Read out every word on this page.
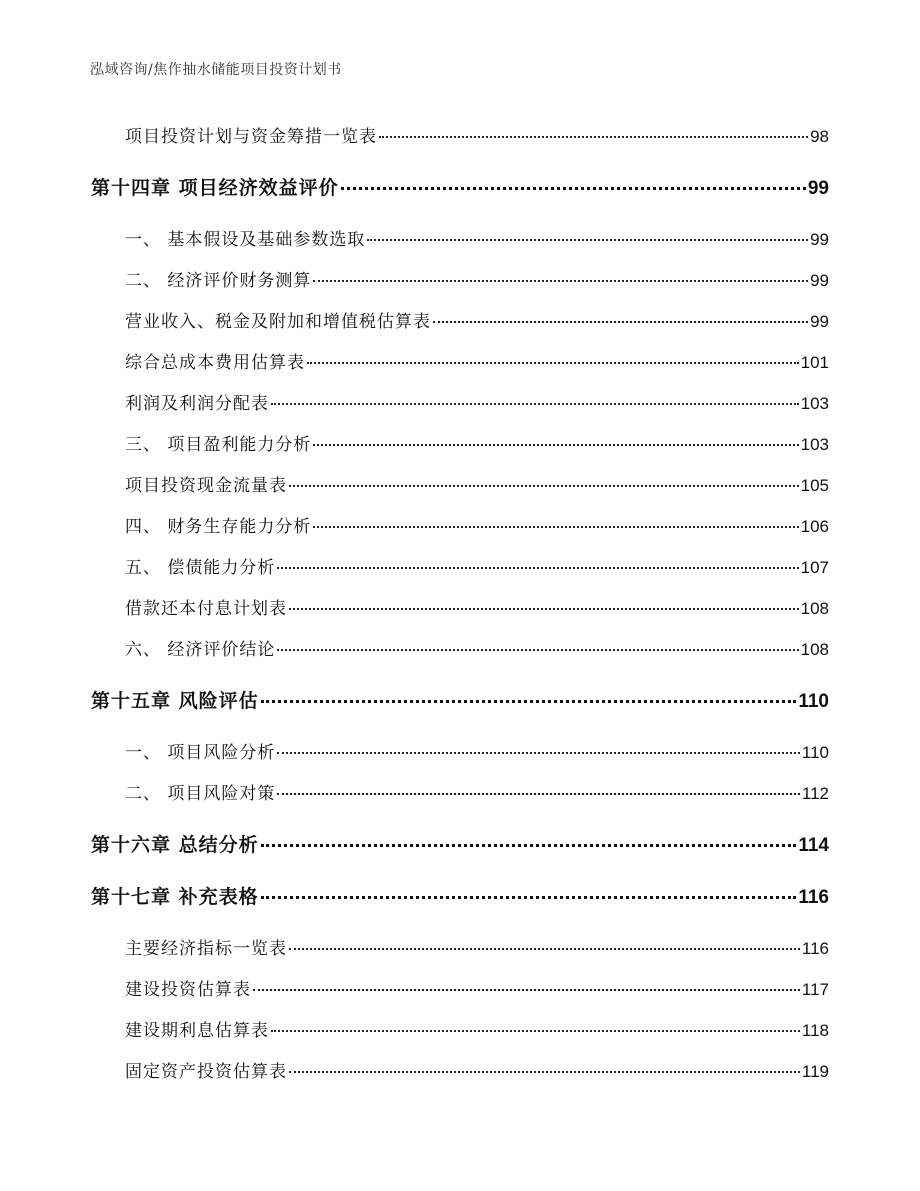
泓域咨询/焦作抽水储能项目投资计划书
项目投资计划与资金筹措一览表	98
第十四章 项目经济效益评价	99
一、 基本假设及基础参数选取	99
二、 经济评价财务测算	99
营业收入、税金及附加和增值税估算表	99
综合总成本费用估算表	101
利润及利润分配表	103
三、 项目盈利能力分析	103
项目投资现金流量表	105
四、 财务生存能力分析	106
五、 偿债能力分析	107
借款还本付息计划表	108
六、 经济评价结论	108
第十五章 风险评估	110
一、 项目风险分析	110
二、 项目风险对策	112
第十六章 总结分析	114
第十七章 补充表格	116
主要经济指标一览表	116
建设投资估算表	117
建设期利息估算表	118
固定资产投资估算表	119
